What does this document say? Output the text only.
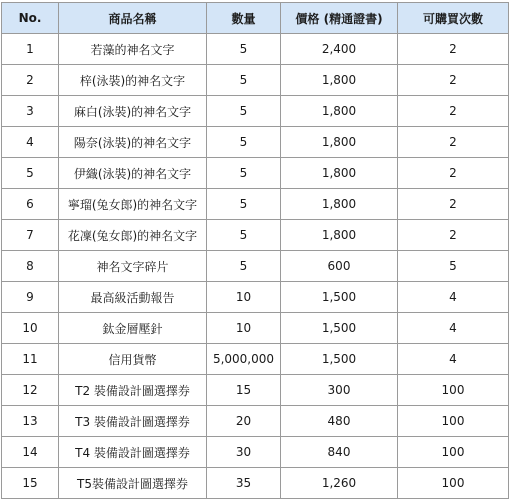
No.	商品名稱	數量	價格 (精通證書)	可購買次數
1	若藻的神名文字	5	2,400	2
2	梓(泳裝)的神名文字	5	1,800	2
3	麻白(泳裝)的神名文字	5	1,800	2
4	陽奈(泳裝)的神名文字	5	1,800	2
5	伊織(泳裝)的神名文字	5	1,800	2
6	寧瑠(兔女郎)的神名文字	5	1,800	2
7	花凜(兔女郎)的神名文字	5	1,800	2
8	神名文字碎片	5	600	5
9	最高級活動報告	10	1,500	4
10	鈦金層壓針	10	1,500	4
11	信用貨幣	5,000,000	1,500	4
12	T2 裝備設計圖選擇券	15	300	100
13	T3 裝備設計圖選擇券	20	480	100
14	T4 裝備設計圖選擇券	30	840	100
15	T5裝備設計圖選擇券	35	1,260	100
